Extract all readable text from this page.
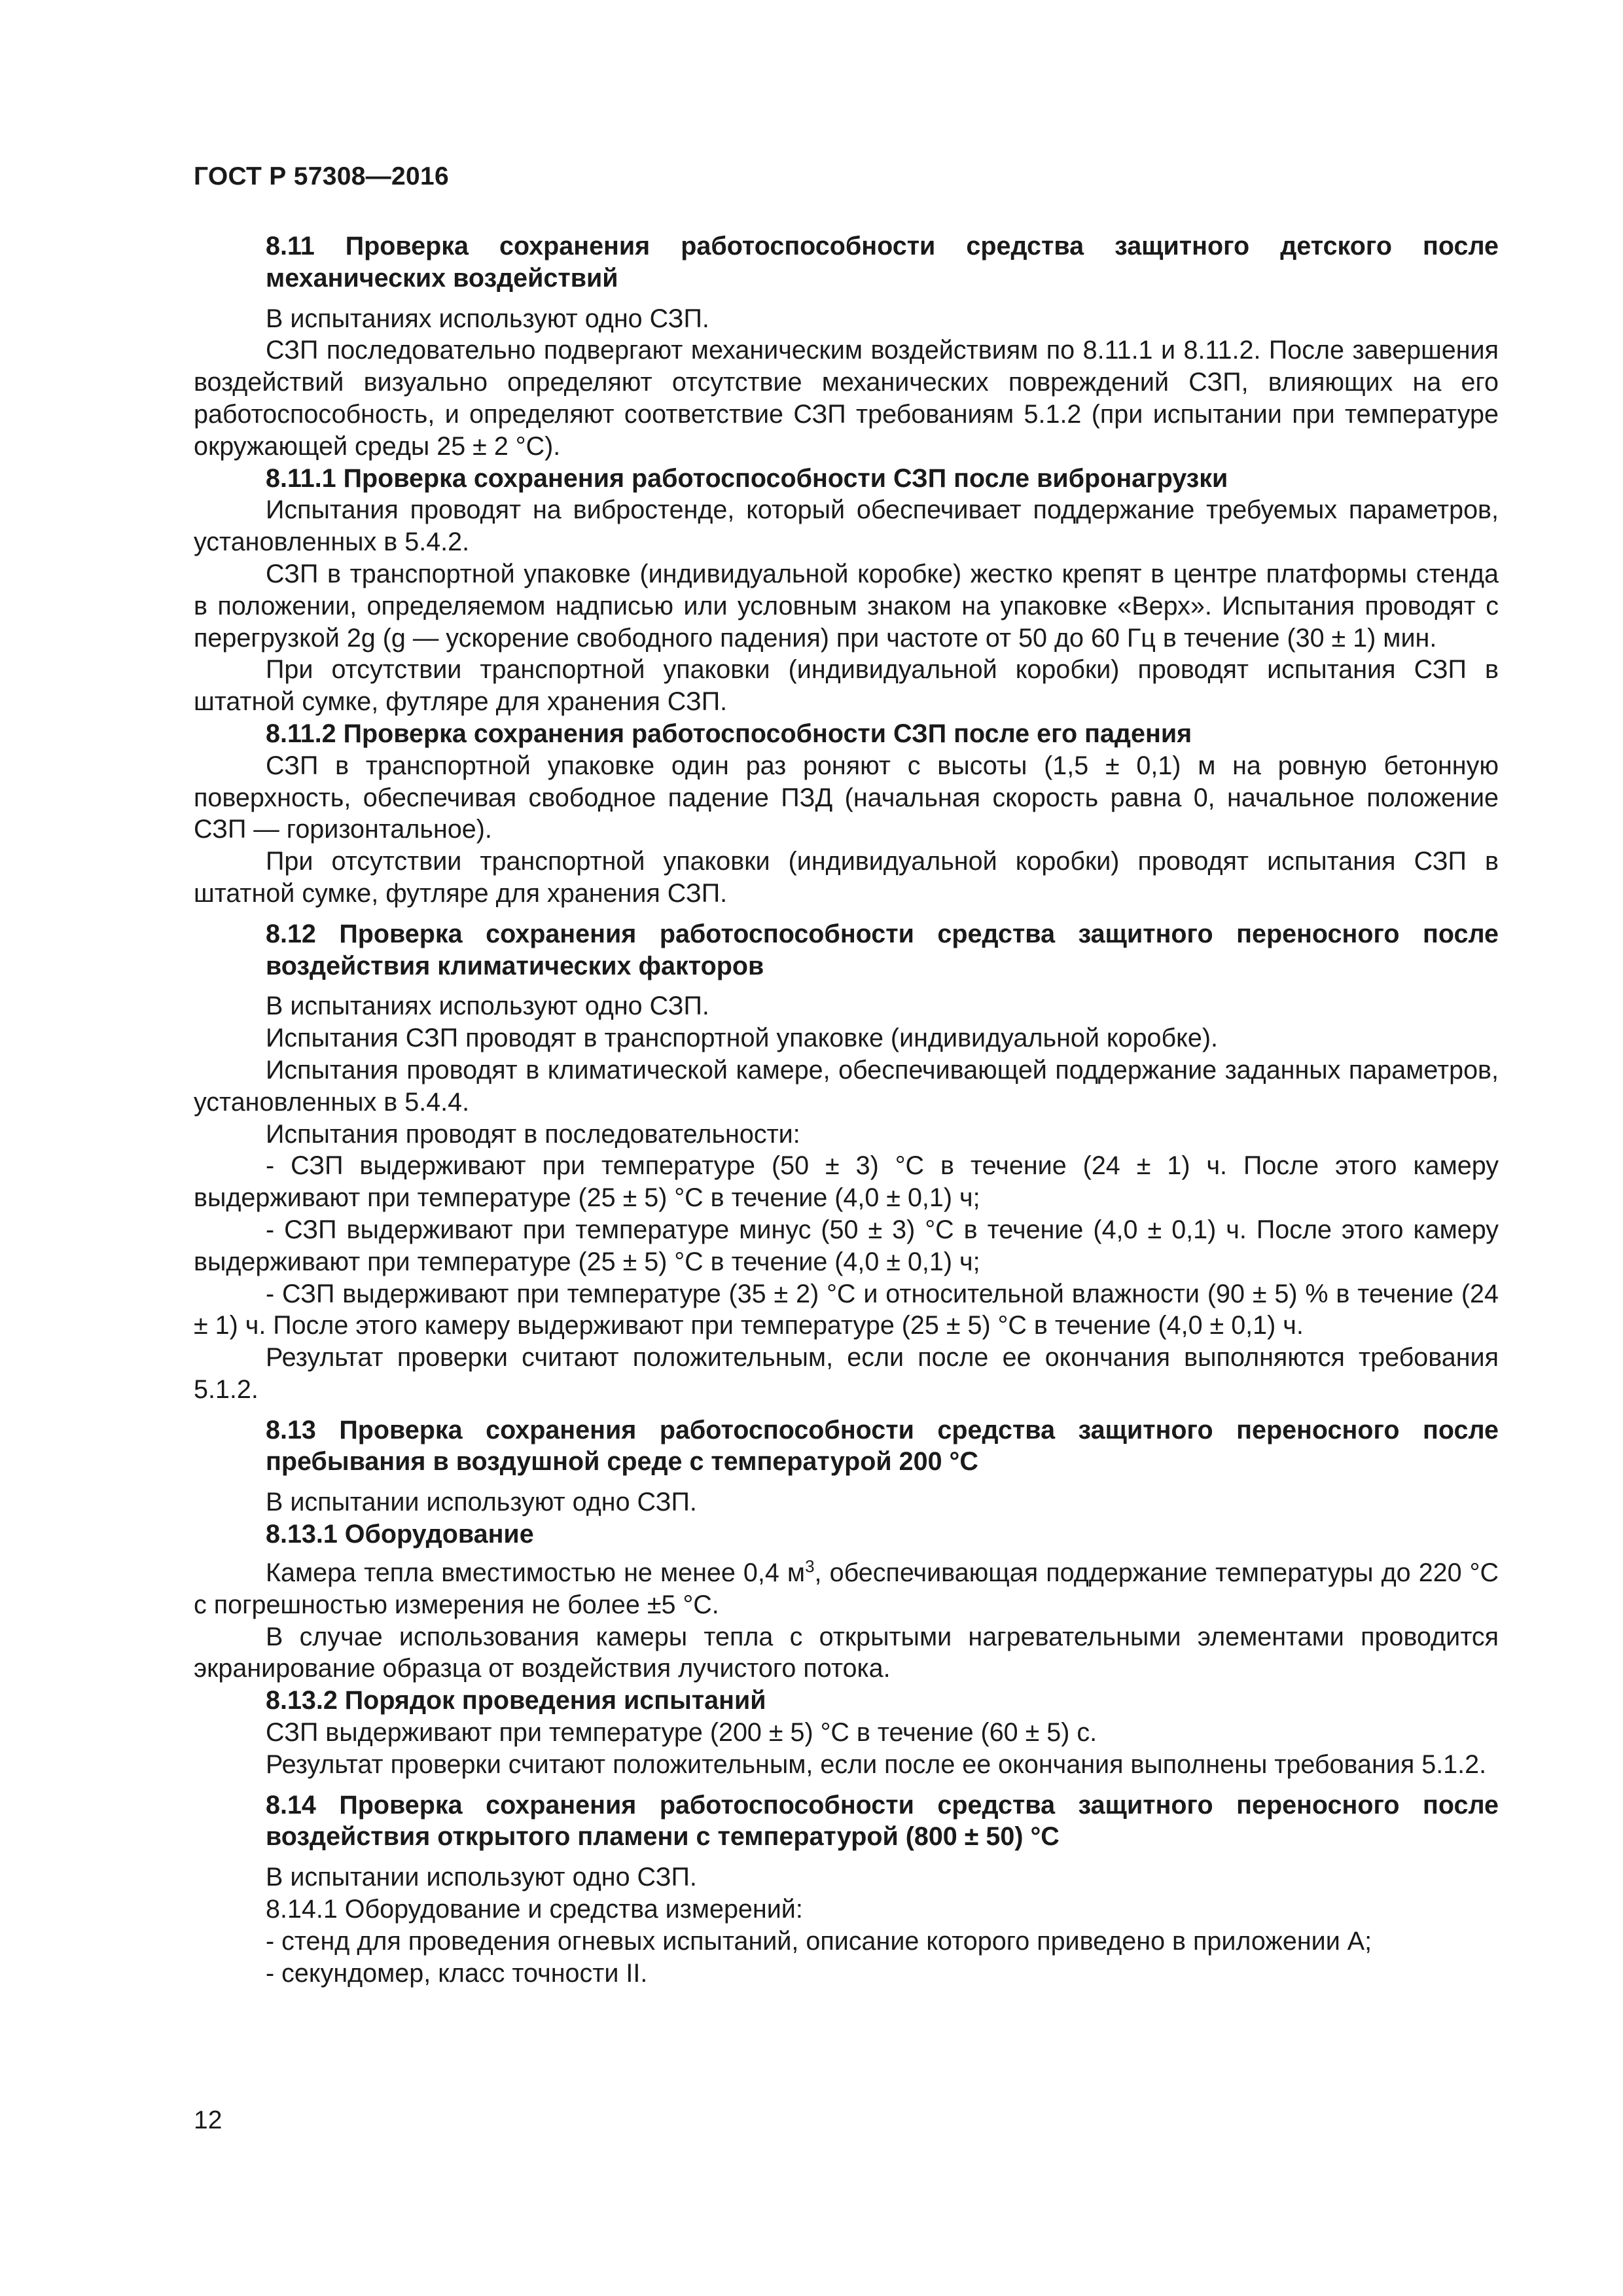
ГОСТ Р 57308—2016

8.11 Проверка сохранения работоспособности средства защитного детского после механических воздействий

В испытаниях используют одно СЗП.

СЗП последовательно подвергают механическим воздействиям по 8.11.1 и 8.11.2. После завершения воздействий визуально определяют отсутствие механических повреждений СЗП, влияющих на его работоспособность, и определяют соответствие СЗП требованиям 5.1.2 (при испытании при температуре окружающей среды 25 ± 2 °С).

8.11.1 Проверка сохранения работоспособности СЗП после вибронагрузки

Испытания проводят на вибростенде, который обеспечивает поддержание требуемых параметров, установленных в 5.4.2.

СЗП в транспортной упаковке (индивидуальной коробке) жестко крепят в центре платформы стенда в положении, определяемом надписью или условным знаком на упаковке «Верх». Испытания проводят с перегрузкой 2g (g — ускорение свободного падения) при частоте от 50 до 60 Гц в течение (30 ± 1) мин.

При отсутствии транспортной упаковки (индивидуальной коробки) проводят испытания СЗП в штатной сумке, футляре для хранения СЗП.

8.11.2 Проверка сохранения работоспособности СЗП после его падения

СЗП в транспортной упаковке один раз роняют с высоты (1,5 ± 0,1) м на ровную бетонную поверхность, обеспечивая свободное падение ПЗД (начальная скорость равна 0, начальное положение СЗП — горизонтальное).

При отсутствии транспортной упаковки (индивидуальной коробки) проводят испытания СЗП в штатной сумке, футляре для хранения СЗП.

8.12 Проверка сохранения работоспособности средства защитного переносного после воздействия климатических факторов

В испытаниях используют одно СЗП.

Испытания СЗП проводят в транспортной упаковке (индивидуальной коробке).

Испытания проводят в климатической камере, обеспечивающей поддержание заданных параметров, установленных в 5.4.4.

Испытания проводят в последовательности:

- СЗП выдерживают при температуре (50 ± 3) °С в течение (24 ± 1) ч. После этого камеру выдерживают при температуре (25 ± 5) °С в течение (4,0 ± 0,1) ч;

- СЗП выдерживают при температуре минус (50 ± 3) °С в течение (4,0 ± 0,1) ч. После этого камеру выдерживают при температуре (25 ± 5) °С в течение (4,0 ± 0,1) ч;

- СЗП выдерживают при температуре (35 ± 2) °С и относительной влажности (90 ± 5) % в течение (24 ± 1) ч. После этого камеру выдерживают при температуре (25 ± 5) °С в течение (4,0 ± 0,1) ч.

Результат проверки считают положительным, если после ее окончания выполняются требования 5.1.2.

8.13 Проверка сохранения работоспособности средства защитного переносного после пребывания в воздушной среде с температурой 200 °С

В испытании используют одно СЗП.

8.13.1 Оборудование

Камера тепла вместимостью не менее 0,4 $м^3$, обеспечивающая поддержание температуры до 220 °С с погрешностью измерения не более ±5 °С.

В случае использования камеры тепла с открытыми нагревательными элементами проводится экранирование образца от воздействия лучистого потока.

8.13.2 Порядок проведения испытаний

СЗП выдерживают при температуре (200 ± 5) °С в течение (60 ± 5) с.

Результат проверки считают положительным, если после ее окончания выполнены требования 5.1.2.

8.14 Проверка сохранения работоспособности средства защитного переносного после воздействия открытого пламени с температурой (800 ± 50) °С

В испытании используют одно СЗП.

8.14.1 Оборудование и средства измерений:

- стенд для проведения огневых испытаний, описание которого приведено в приложении А;

- секундомер, класс точности II.

12
